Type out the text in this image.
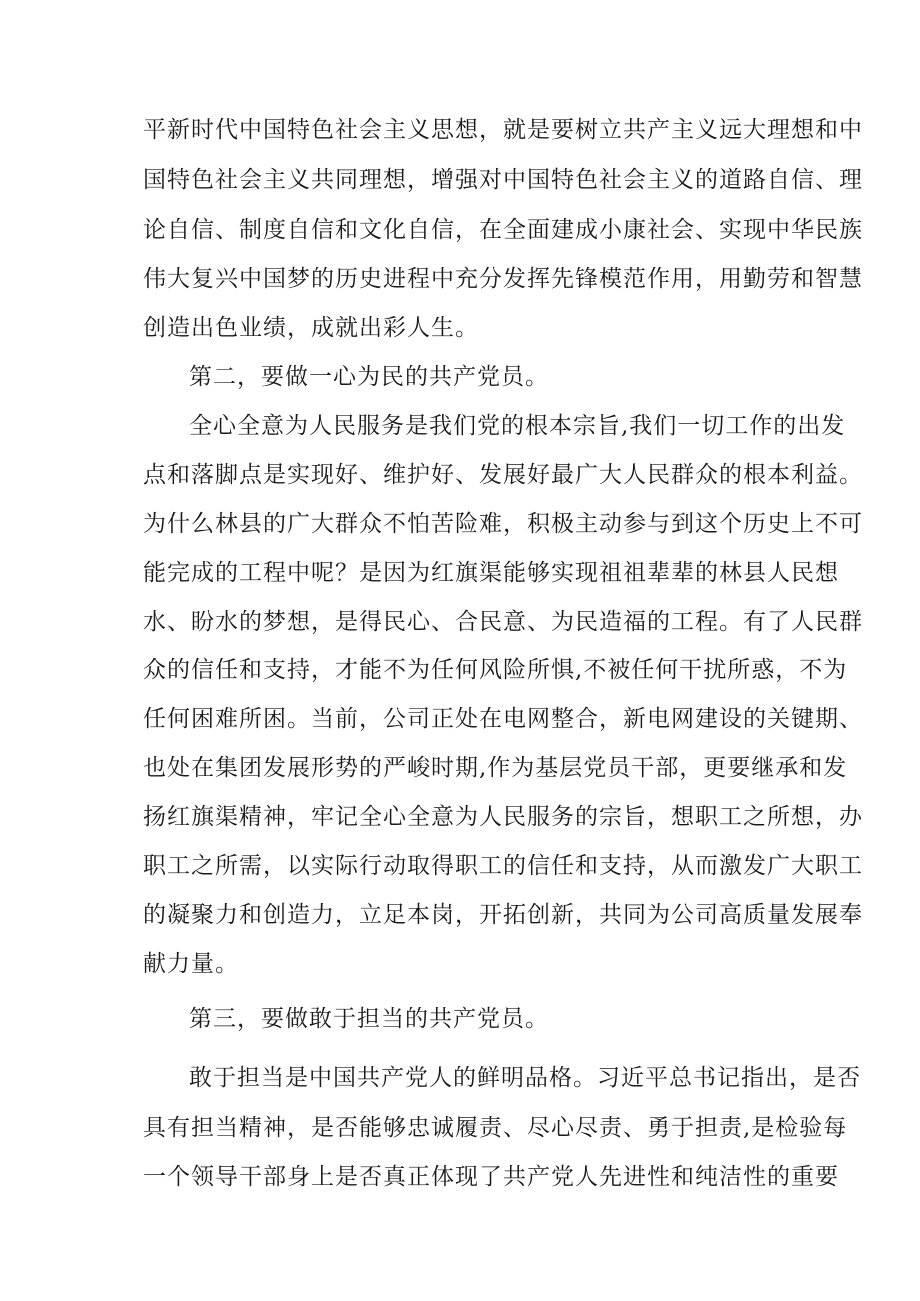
平新时代中国特色社会主义思想，就是要树立共产主义远大理想和中
国特色社会主义共同理想，增强对中国特色社会主义的道路自信、理
论自信、制度自信和文化自信，在全面建成小康社会、实现中华民族
伟大复兴中国梦的历史进程中充分发挥先锋模范作用，用勤劳和智慧
创造出色业绩，成就出彩人生。
第二，要做一心为民的共产党员。
全心全意为人民服务是我们党的根本宗旨,我们一切工作的出发
点和落脚点是实现好、维护好、发展好最广大人民群众的根本利益。
为什么林县的广大群众不怕苦险难，积极主动参与到这个历史上不可
能完成的工程中呢？是因为红旗渠能够实现祖祖辈辈的林县人民想
水、盼水的梦想，是得民心、合民意、为民造福的工程。有了人民群
众的信任和支持，才能不为任何风险所惧,不被任何干扰所惑，不为
任何困难所困。当前，公司正处在电网整合，新电网建设的关键期、
也处在集团发展形势的严峻时期,作为基层党员干部，更要继承和发
扬红旗渠精神，牢记全心全意为人民服务的宗旨，想职工之所想，办
职工之所需，以实际行动取得职工的信任和支持，从而激发广大职工
的凝聚力和创造力，立足本岗，开拓创新，共同为公司高质量发展奉
献力量。
第三，要做敢于担当的共产党员。
敢于担当是中国共产党人的鲜明品格。习近平总书记指出，是否
具有担当精神，是否能够忠诚履责、尽心尽责、勇于担责,是检验每
一个领导干部身上是否真正体现了共产党人先进性和纯洁性的重要
